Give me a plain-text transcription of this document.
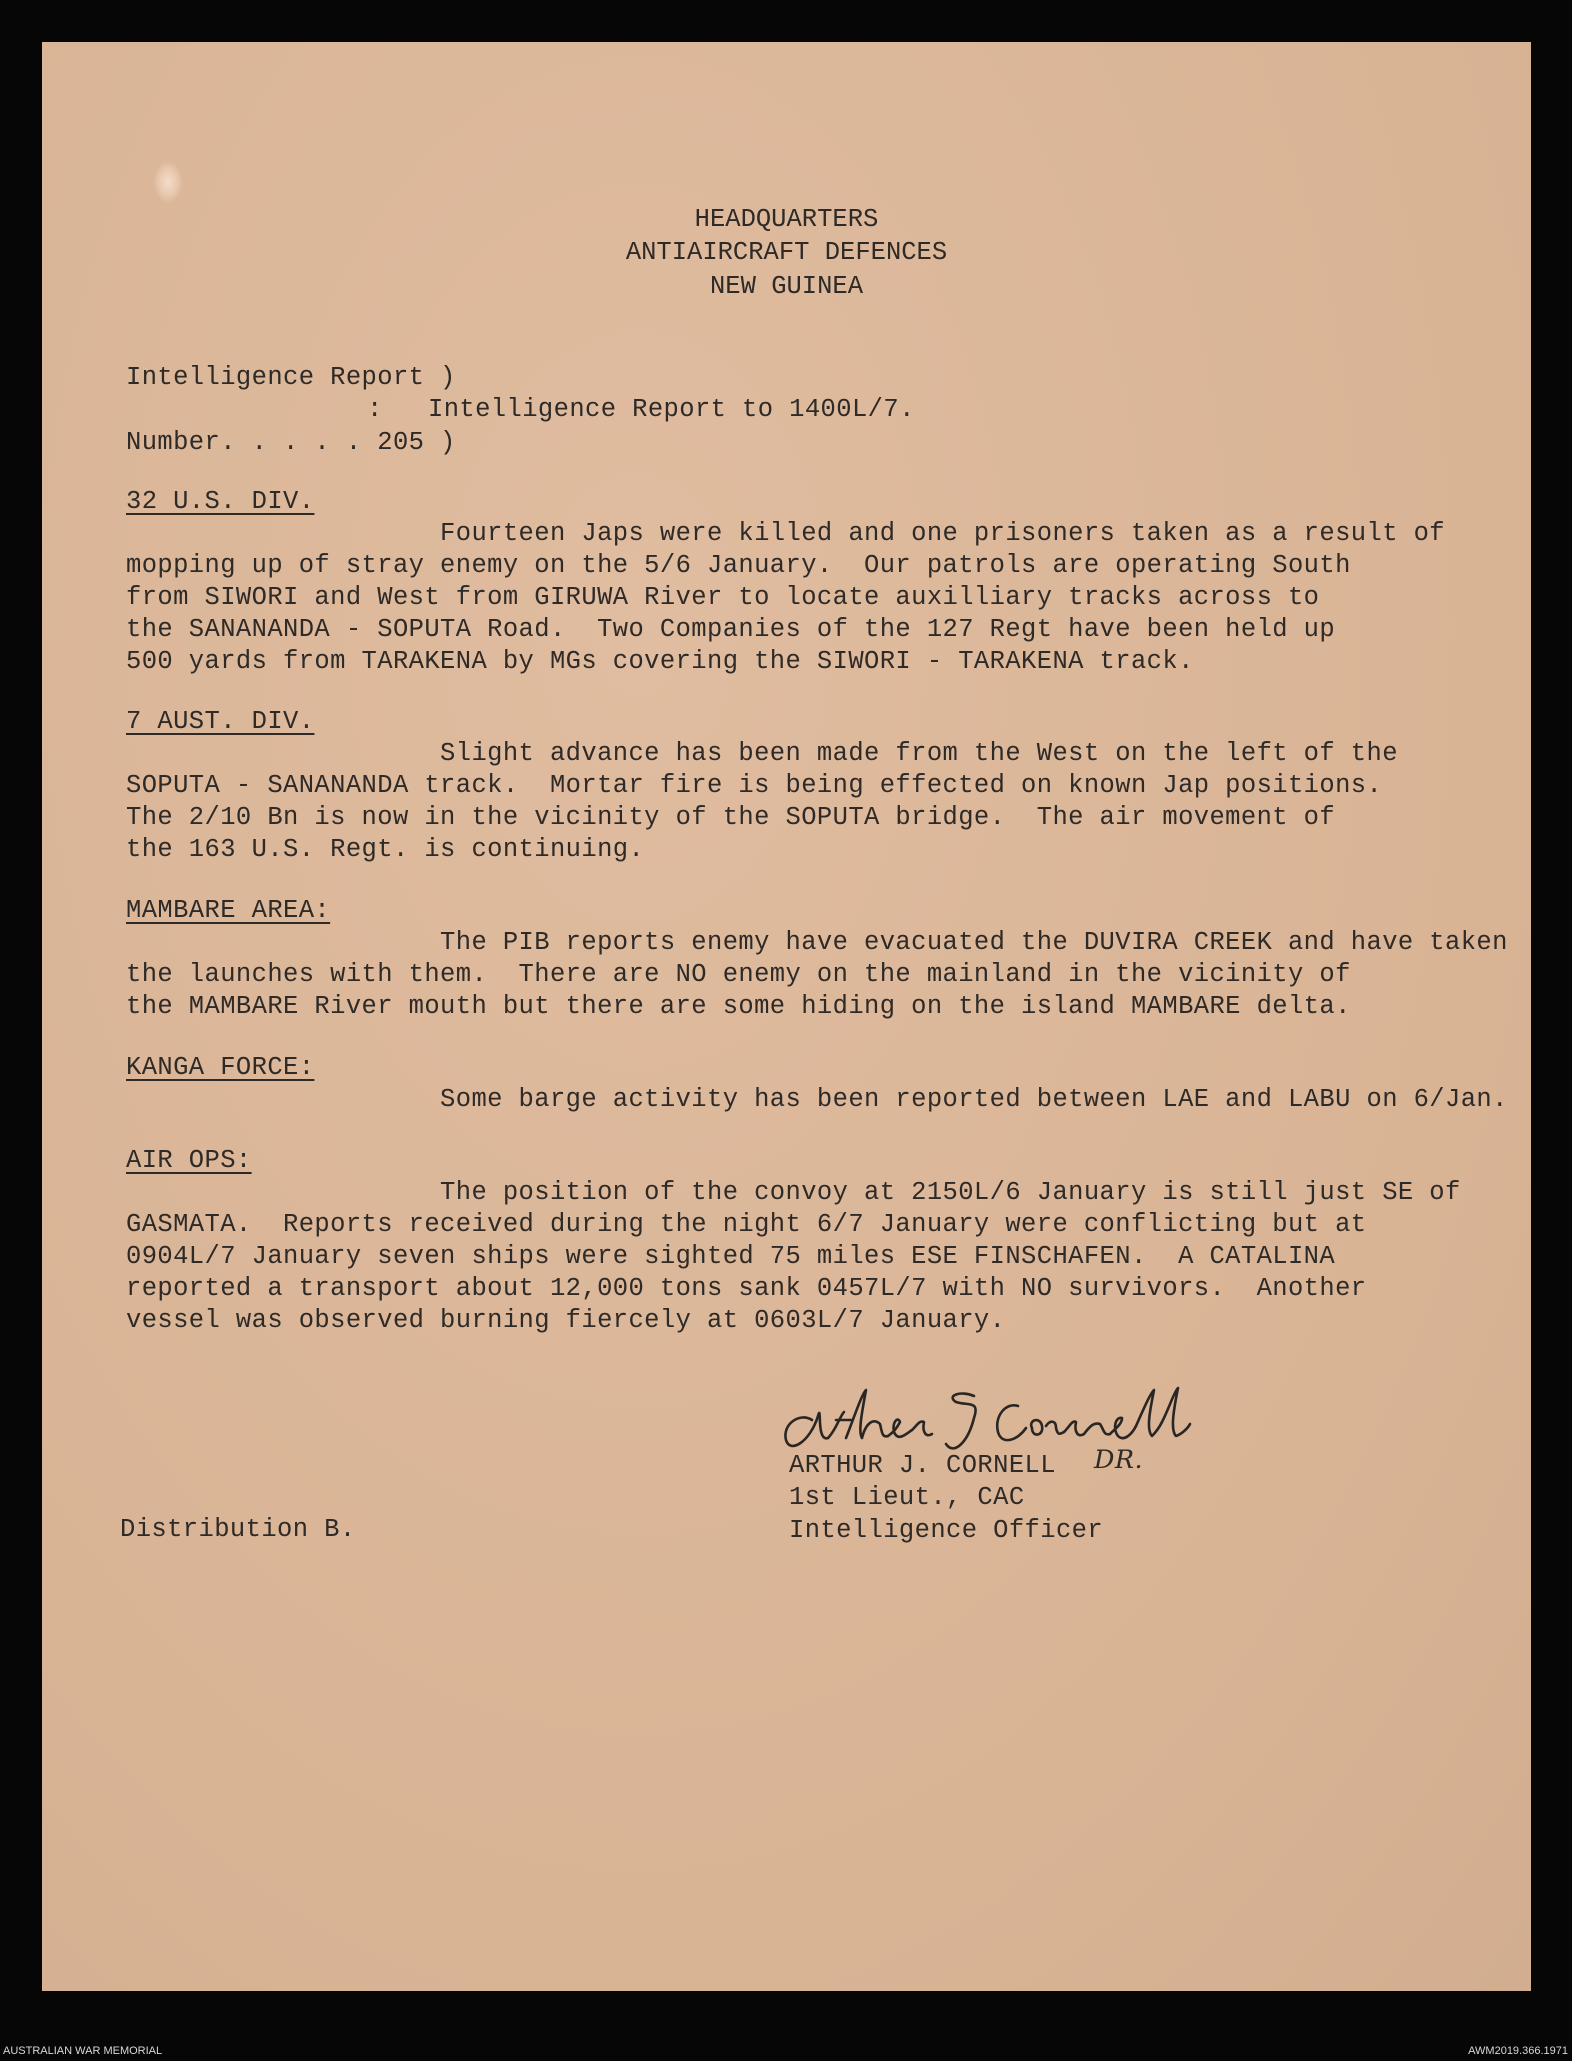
HEADQUARTERS
ANTIAIRCRAFT DEFENCES
NEW GUINEA
Intelligence Report )
: Intelligence Report to 1400L/7.
Number. . . . . 205 )
32 U.S. DIV.
Fourteen Japs were killed and one prisoners taken as a result of
mopping up of stray enemy on the 5/6 January.  Our patrols are operating South
from SIWORI and West from GIRUWA River to locate auxilliary tracks across to
the SANANANDA - SOPUTA Road.  Two Companies of the 127 Regt have been held up
500 yards from TARAKENA by MGs covering the SIWORI - TARAKENA track.
7 AUST. DIV.
Slight advance has been made from the West on the left of the
SOPUTA - SANANANDA track.  Mortar fire is being effected on known Jap positions.
The 2/10 Bn is now in the vicinity of the SOPUTA bridge.  The air movement of
the 163 U.S. Regt. is continuing.
MAMBARE AREA:
The PIB reports enemy have evacuated the DUVIRA CREEK and have taken
the launches with them.  There are NO enemy on the mainland in the vicinity of
the MAMBARE River mouth but there are some hiding on the island MAMBARE delta.
KANGA FORCE:
Some barge activity has been reported between LAE and LABU on 6/Jan.
AIR OPS:
The position of the convoy at 2150L/6 January is still just SE of
GASMATA.  Reports received during the night 6/7 January were conflicting but at
0904L/7 January seven ships were sighted 75 miles ESE FINSCHAFEN.  A CATALINA
reported a transport about 12,000 tons sank 0457L/7 with NO survivors.  Another
vessel was observed burning fiercely at 0603L/7 January.
ARTHUR J. CORNELL DR.
1st Lieut., CAC
Distribution B.	Intelligence Officer
AUSTRALIAN WAR MEMORIAL	AWM2019.366.1971
